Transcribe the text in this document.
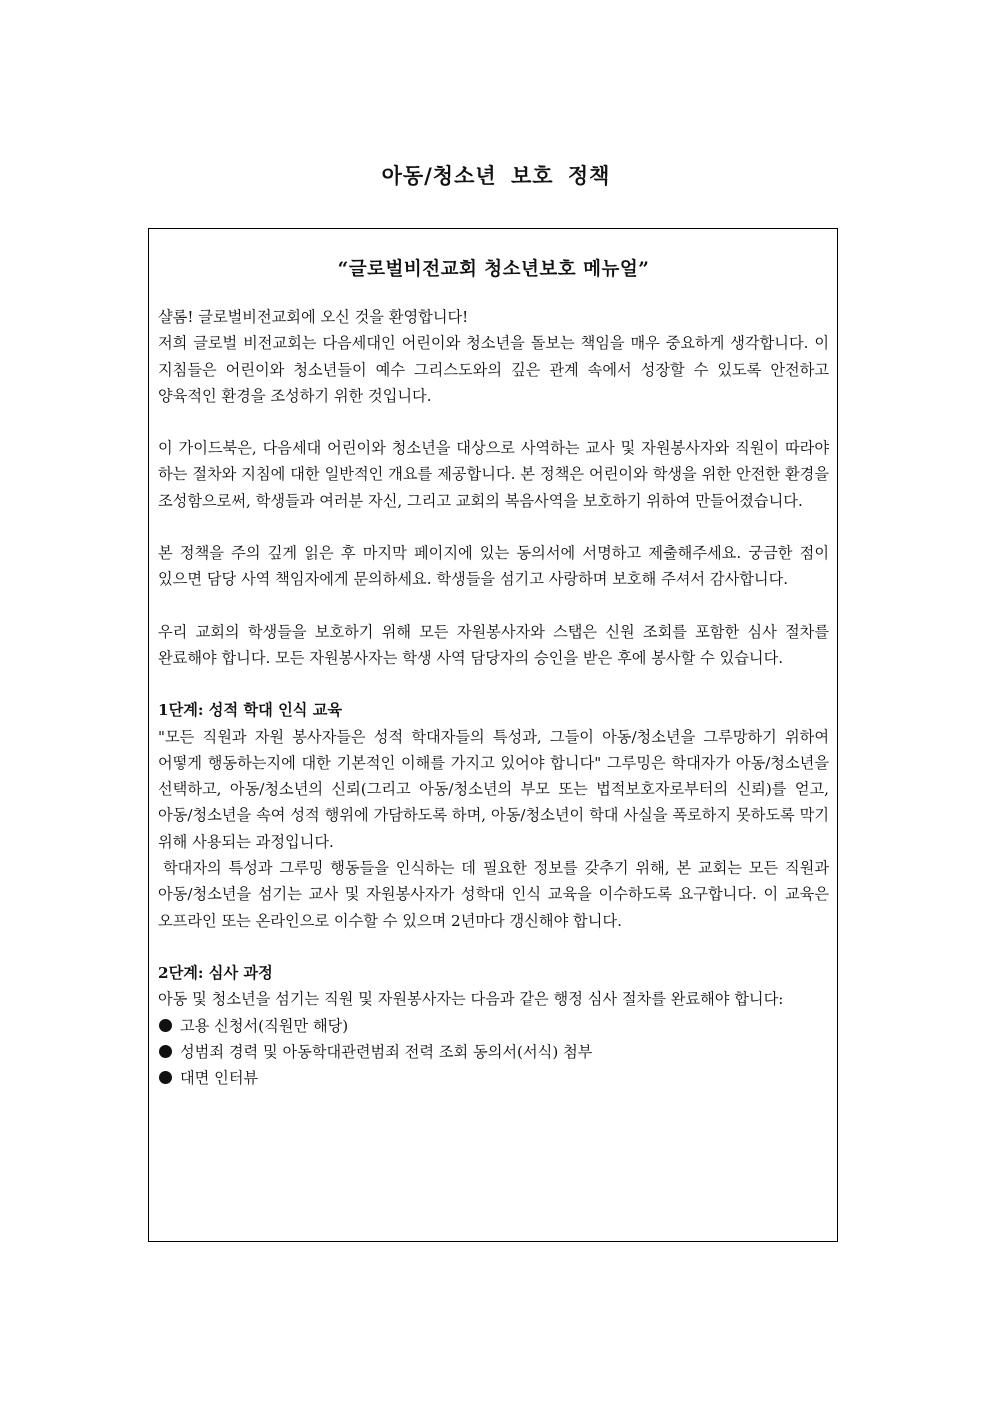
아동/청소년 보호 정책
“글로벌비전교회 청소년보호 메뉴얼”

샬롬! 글로벌비전교회에 오신 것을 환영합니다!

저희 글로벌 비전교회는 다음세대인 어린이와 청소년을 돌보는 책임을 매우 중요하게 생각합니다. 이 지침들은 어린이와 청소년들이 예수 그리스도와의 깊은 관계 속에서 성장할 수 있도록 안전하고 양육적인 환경을 조성하기 위한 것입니다.

이 가이드북은, 다음세대 어린이와 청소년을 대상으로 사역하는 교사 및 자원봉사자와 직원이 따라야 하는 절차와 지침에 대한 일반적인 개요를 제공합니다. 본 정책은 어린이와 학생을 위한 안전한 환경을 조성함으로써, 학생들과 여러분 자신, 그리고 교회의 복음사역을 보호하기 위하여 만들어졌습니다.

본 정책을 주의 깊게 읽은 후 마지막 페이지에 있는 동의서에 서명하고 제출해주세요. 궁금한 점이 있으면 담당 사역 책임자에게 문의하세요. 학생들을 섬기고 사랑하며 보호해 주셔서 감사합니다.

우리 교회의 학생들을 보호하기 위해 모든 자원봉사자와 스탭은 신원 조회를 포함한 심사 절차를 완료해야 합니다. 모든 자원봉사자는 학생 사역 담당자의 승인을 받은 후에 봉사할 수 있습니다.

1단계: 성적 학대 인식 교육

"모든 직원과 자원 봉사자들은 성적 학대자들의 특성과, 그들이 아동/청소년을 그루망하기 위하여 어떻게 행동하는지에 대한 기본적인 이해를 가지고 있어야 합니다" 그루밍은 학대자가 아동/청소년을 선택하고, 아동/청소년의 신뢰(그리고 아동/청소년의 부모 또는 법적보호자로부터의 신뢰)를 얻고, 아동/청소년을 속여 성적 행위에 가담하도록 하며, 아동/청소년이 학대 사실을 폭로하지 못하도록 막기 위해 사용되는 과정입니다.

학대자의 특성과 그루밍 행동들을 인식하는 데 필요한 정보를 갖추기 위해, 본 교회는 모든 직원과 아동/청소년을 섬기는 교사 및 자원봉사자가 성학대 인식 교육을 이수하도록 요구합니다. 이 교육은 오프라인 또는 온라인으로 이수할 수 있으며 2년마다 갱신해야 합니다.

2단계: 심사 과정

아동 및 청소년을 섬기는 직원 및 자원봉사자는 다음과 같은 행정 심사 절차를 완료해야 합니다:

고용 신청서(직원만 해당)
성범죄 경력 및 아동학대관련범죄 전력 조회 동의서(서식) 첨부
대면 인터뷰
